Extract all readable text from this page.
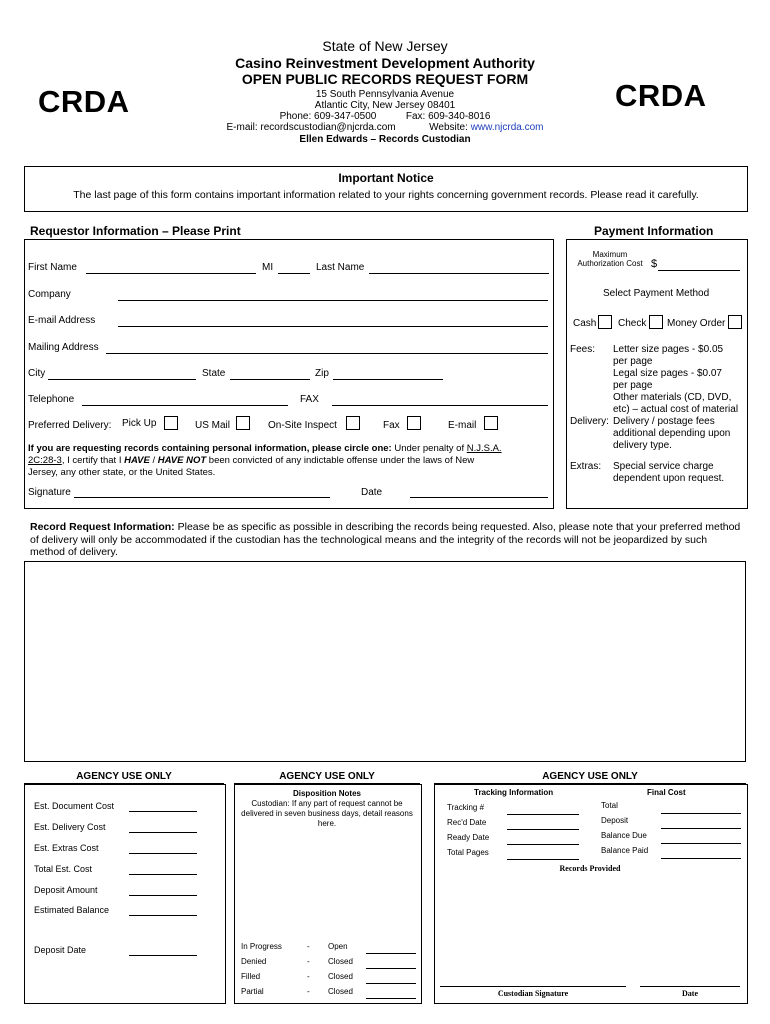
CRDA	CRDA
State of New Jersey
Casino Reinvestment Development Authority
OPEN PUBLIC RECORDS REQUEST FORM
15 South Pennsylvania Avenue
Atlantic City, New Jersey 08401
Phone: 609-347-0500	Fax: 609-340-8016
E-mail: recordscustodian@njcrda.com	Website: www.njcrda.com
Ellen Edwards – Records Custodian
Important Notice
The last page of this form contains important information related to your rights concerning government records. Please read it carefully.
Requestor Information – Please Print
First Name	MI	Last Name
Company
E-mail Address
Mailing Address
City	State	Zip
Telephone	FAX
Preferred Delivery: Pick Up	US Mail	On-Site Inspect	Fax	E-mail
If you are requesting records containing personal information, please circle one: Under penalty of N.J.S.A.
2C:28-3, I certify that I HAVE / HAVE NOT been convicted of any indictable offense under the laws of New
Jersey, any other state, or the United States.
Signature	Date
Payment Information
Maximum
Authorization Cost $
Select Payment Method
Cash Check Money Order
Fees: Letter size pages - $0.05
per page
Legal size pages - $0.07
per page
Other materials (CD, DVD,
etc) – actual cost of material
Delivery: Delivery / postage fees
additional depending upon
delivery type.
Extras: Special service charge
dependent upon request.
Record Request Information: Please be as specific as possible in describing the records being requested. Also, please note that your preferred method of delivery will only be accommodated if the custodian has the technological means and the integrity of the records will not be jeopardized by such method of delivery.
AGENCY USE ONLY
Est. Document Cost
Est. Delivery Cost
Est. Extras Cost
Total Est. Cost
Deposit Amount
Estimated Balance
Deposit Date
AGENCY USE ONLY
Disposition Notes
Custodian: If any part of request cannot be delivered in seven business days, detail reasons here.
In Progress	- Open
Denied	- Closed
Filled	- Closed
Partial	- Closed
AGENCY USE ONLY
Tracking Information
Tracking #
Rec'd Date
Ready Date
Total Pages
Final Cost
Total
Deposit
Balance Due
Balance Paid
Records Provided
Custodian Signature	Date
